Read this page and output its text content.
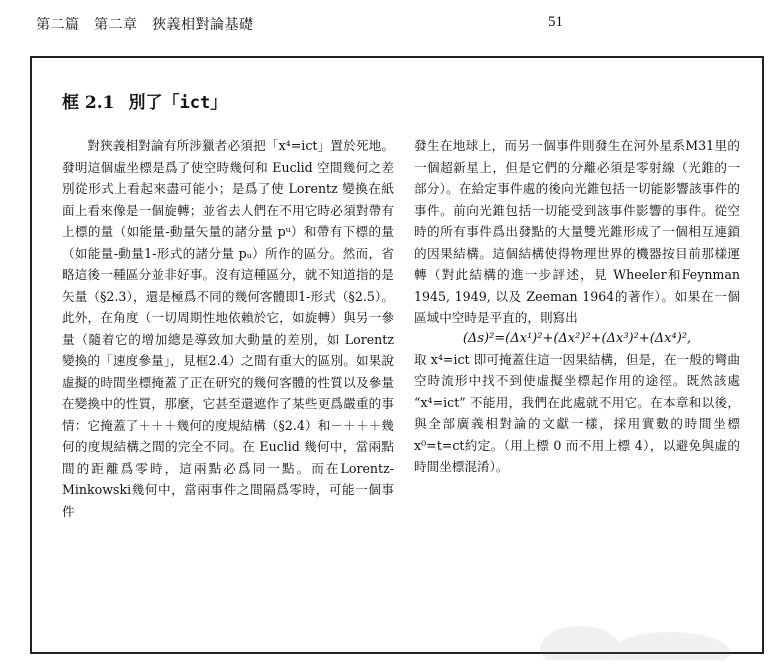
第二篇　第二章　狹義相對論基礎	51
框 2.1 別了「ict」

對狹義相對論有所涉獵者必須把「x⁴=ict」置於死地。發明這個虛坐標是爲了使空時幾何和 Euclid 空間幾何之差別從形式上看起來盡可能小；是爲了使 Lorentz 變換在紙面上看來像是一個旋轉；並省去人們在不用它時必須對帶有上標的量（如能量-動量矢量的諸分量 pᵘ）和帶有下標的量（如能量-動量1-形式的諸分量 pᵤ）所作的區分。然而，省略這後一種區分並非好事。沒有這種區分，就不知道指的是矢量（§2.3），還是極爲不同的幾何客體即1-形式（§2.5）。此外，在角度（一切周期性地依賴於它，如旋轉）與另一參量（隨着它的增加總是導致加大動量的差別，如 Lorentz 變換的「速度參量」，見框2.4）之間有重大的區別。如果說虛擬的時間坐標掩蓋了正在研究的幾何客體的性質以及參量在變換中的性質，那麼，它甚至還遮作了某些更爲嚴重的事情：它掩蓋了＋＋＋幾何的度規結構（§2.4）和－＋＋＋幾何的度規結構之間的完全不同。在 Euclid 幾何中，當兩點間的距離爲零時，這兩點必爲同一點。而在Lorentz-Minkowski幾何中，當兩事件之間隔爲零時，可能一個事件

發生在地球上，而另一個事件則發生在河外星系M31里的一個超新星上，但是它們的分離必須是零射線（光錐的一部分）。在給定事件處的後向光錐包括一切能影響該事件的事件。前向光錐包括一切能受到該事件影響的事件。從空時的所有事件爲出發點的大量雙光錐形成了一個相互連鎖的因果結構。這個結構使得物理世界的機器按目前那樣運轉（對此結構的進一步評述，見 Wheeler和Feynman 1945, 1949, 以及 Zeeman 1964的著作）。如果在一個區域中空時是平直的，則寫出

(Δs)²=(Δx¹)²+(Δx²)²+(Δx³)²+(Δx⁴)²,

取 x⁴=ict 即可掩蓋住這一因果結構，但是，在一般的彎曲空時流形中找不到使虛擬坐標起作用的途徑。既然該處 “x⁴=ict” 不能用，我們在此處就不用它。在本章和以後，與全部廣義相對論的文獻一樣，採用實數的時間坐標 x⁰=t=ct約定。（用上標 0 而不用上標 4），以避免與虛的時間坐標混淆）。
